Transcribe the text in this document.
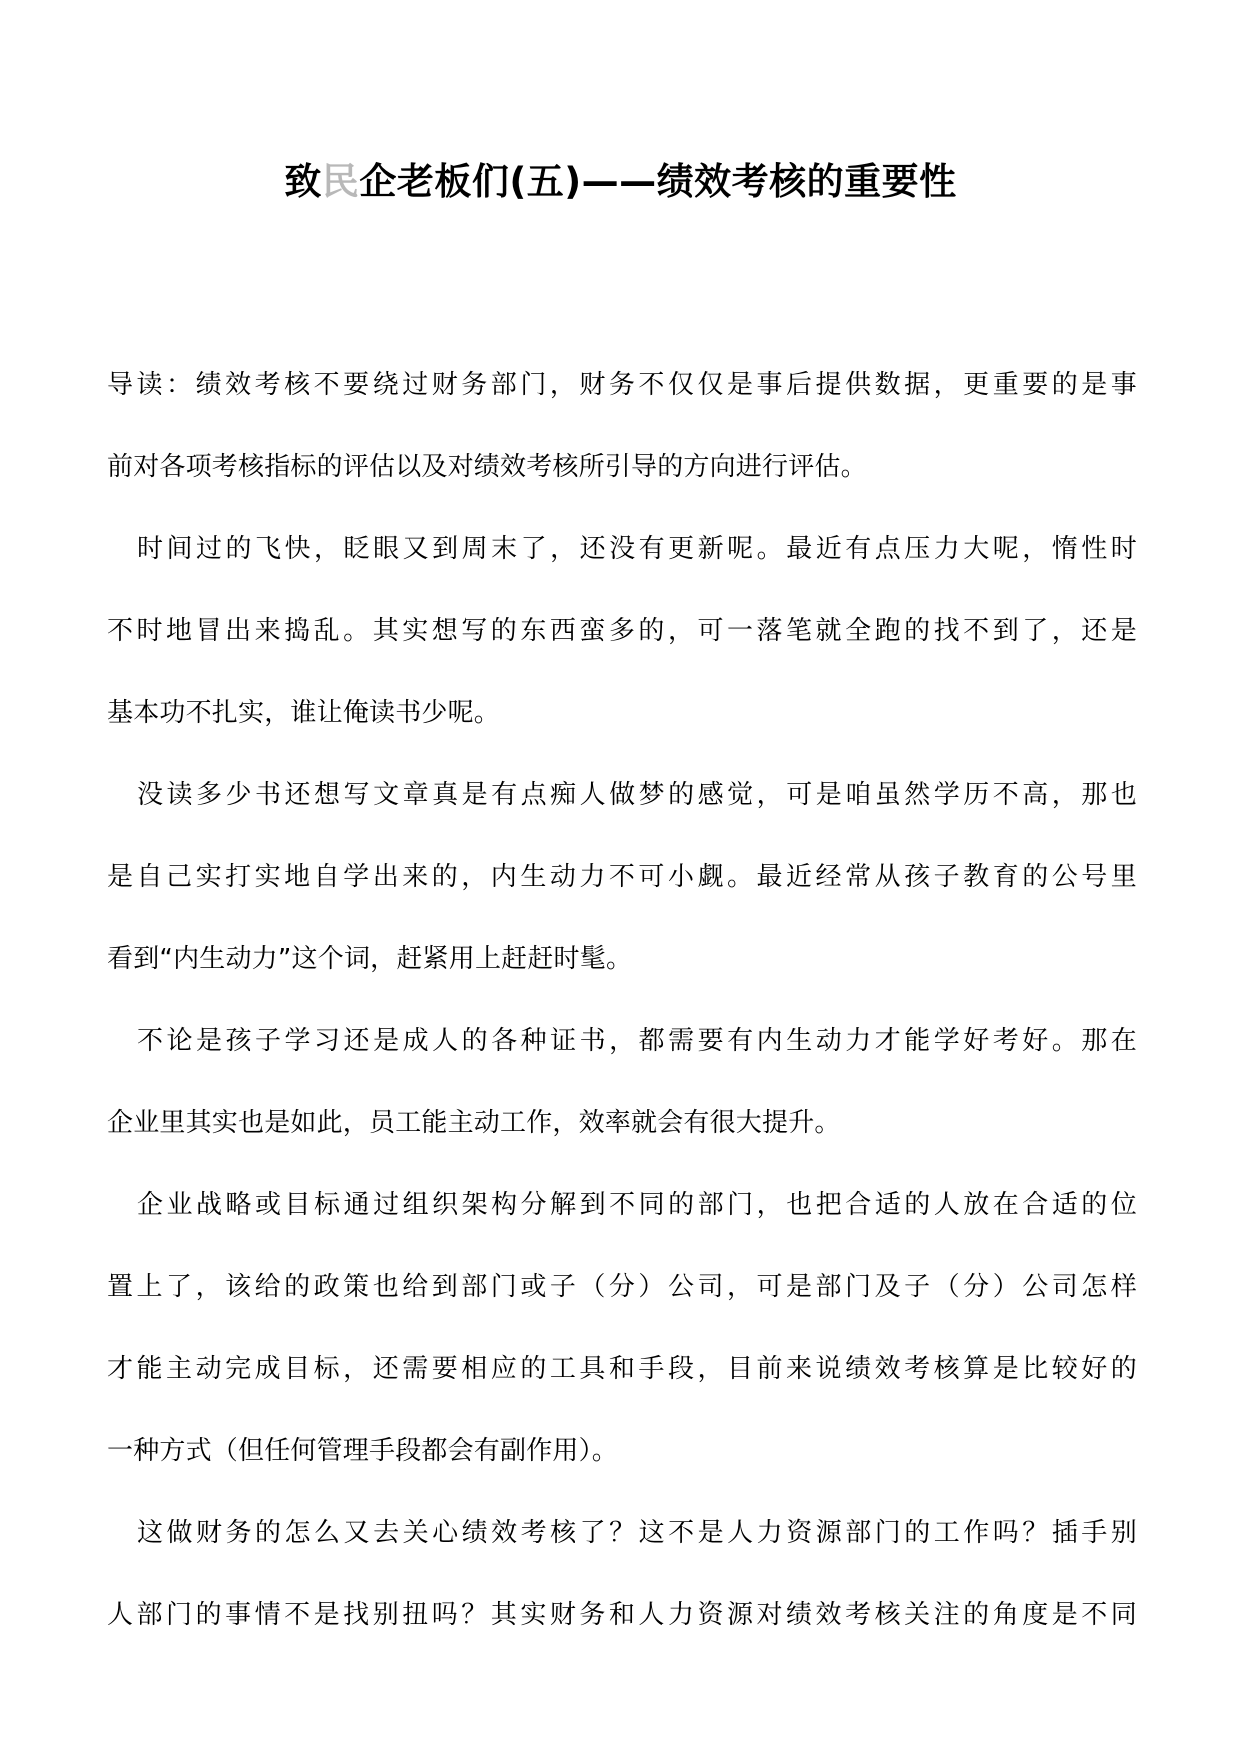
致民企老板们(五)——绩效考核的重要性
导读：绩效考核不要绕过财务部门，财务不仅仅是事后提供数据，更重要的是事
前对各项考核指标的评估以及对绩效考核所引导的方向进行评估。
时间过的飞快，眨眼又到周末了，还没有更新呢。最近有点压力大呢，惰性时
不时地冒出来捣乱。其实想写的东西蛮多的，可一落笔就全跑的找不到了，还是
基本功不扎实，谁让俺读书少呢。
没读多少书还想写文章真是有点痴人做梦的感觉，可是咱虽然学历不高，那也
是自己实打实地自学出来的，内生动力不可小觑。最近经常从孩子教育的公号里
看到“内生动力”这个词，赶紧用上赶赶时髦。
不论是孩子学习还是成人的各种证书，都需要有内生动力才能学好考好。那在
企业里其实也是如此，员工能主动工作，效率就会有很大提升。
企业战略或目标通过组织架构分解到不同的部门，也把合适的人放在合适的位
置上了，该给的政策也给到部门或子（分）公司，可是部门及子（分）公司怎样
才能主动完成目标，还需要相应的工具和手段，目前来说绩效考核算是比较好的
一种方式（但任何管理手段都会有副作用）。
这做财务的怎么又去关心绩效考核了？这不是人力资源部门的工作吗？插手别
人部门的事情不是找别扭吗？其实财务和人力资源对绩效考核关注的角度是不同
